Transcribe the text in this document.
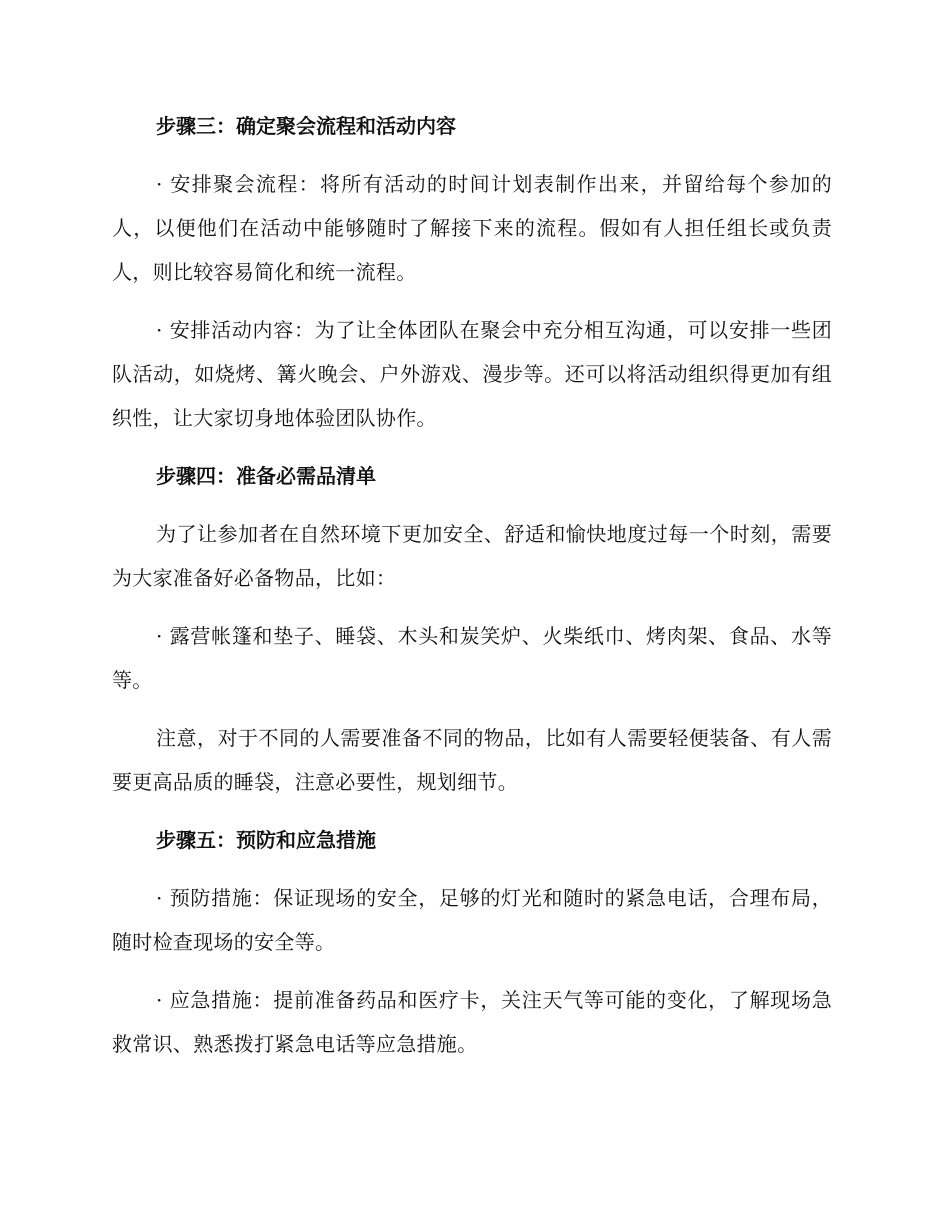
步骤三：确定聚会流程和活动内容

· 安排聚会流程：将所有活动的时间计划表制作出来，并留给每个参加的人，以便他们在活动中能够随时了解接下来的流程。假如有人担任组长或负责人，则比较容易简化和统一流程。

· 安排活动内容：为了让全体团队在聚会中充分相互沟通，可以安排一些团队活动，如烧烤、篝火晚会、户外游戏、漫步等。还可以将活动组织得更加有组织性，让大家切身地体验团队协作。

步骤四：准备必需品清单

为了让参加者在自然环境下更加安全、舒适和愉快地度过每一个时刻，需要为大家准备好必备物品，比如：

· 露营帐篷和垫子、睡袋、木头和炭笑炉、火柴纸巾、烤肉架、食品、水等等。

注意，对于不同的人需要准备不同的物品，比如有人需要轻便装备、有人需要更高品质的睡袋，注意必要性，规划细节。

步骤五：预防和应急措施

· 预防措施：保证现场的安全，足够的灯光和随时的紧急电话，合理布局，随时检查现场的安全等。

· 应急措施：提前准备药品和医疗卡，关注天气等可能的变化，了解现场急救常识、熟悉拨打紧急电话等应急措施。
